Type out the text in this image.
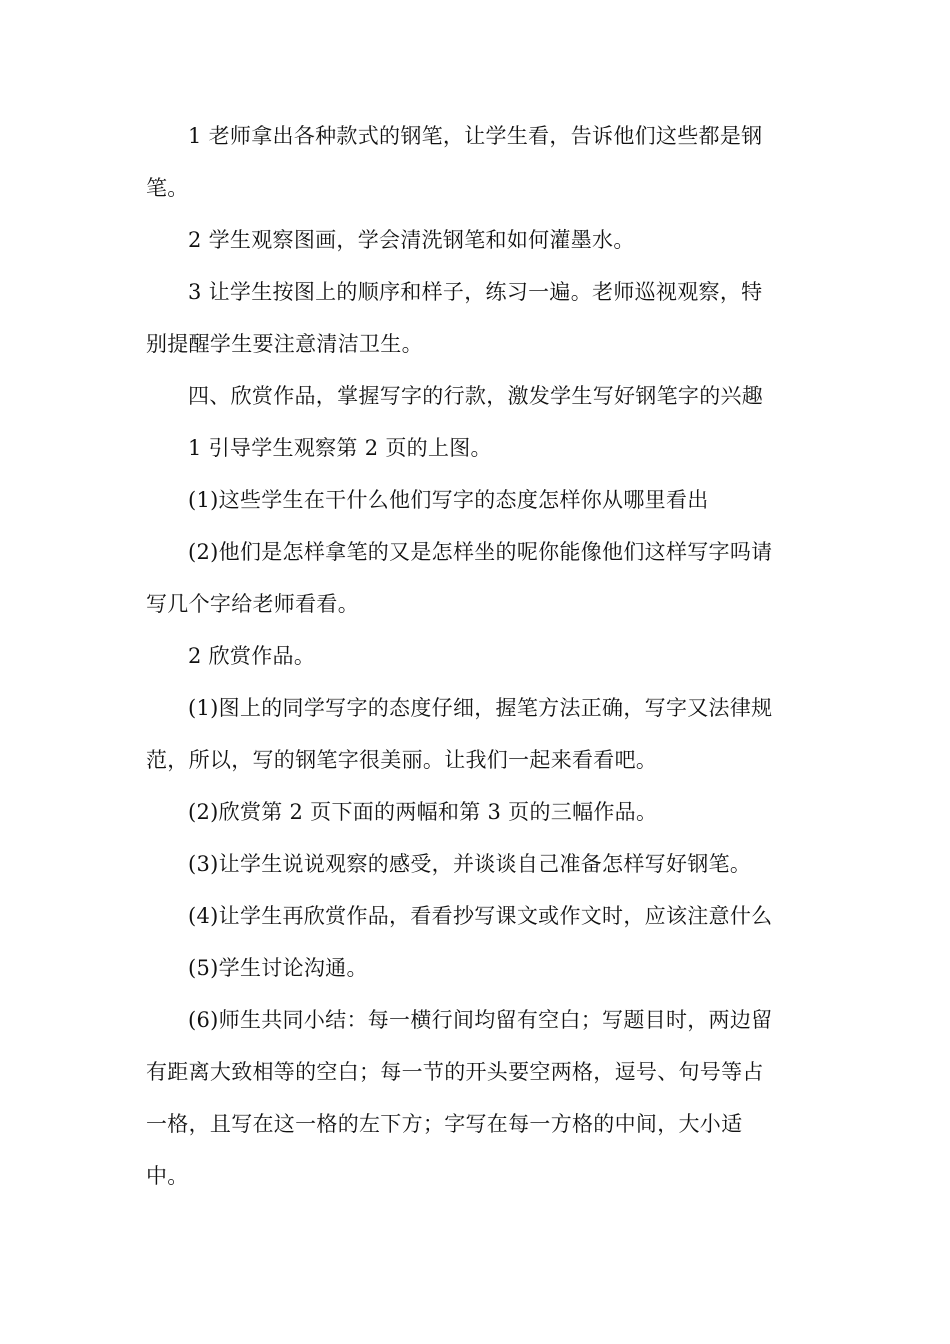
1 老师拿出各种款式的钢笔，让学生看，告诉他们这些都是钢
笔。

2 学生观察图画，学会清洗钢笔和如何灌墨水。

3 让学生按图上的顺序和样子，练习一遍。老师巡视观察，特
别提醒学生要注意清洁卫生。

四、欣赏作品，掌握写字的行款，激发学生写好钢笔字的兴趣

1 引导学生观察第 2 页的上图。

(1)这些学生在干什么他们写字的态度怎样你从哪里看出

(2)他们是怎样拿笔的又是怎样坐的呢你能像他们这样写字吗请
写几个字给老师看看。

2 欣赏作品。

(1)图上的同学写字的态度仔细，握笔方法正确，写字又法律规
范，所以，写的钢笔字很美丽。让我们一起来看看吧。

(2)欣赏第 2 页下面的两幅和第 3 页的三幅作品。

(3)让学生说说观察的感受，并谈谈自己准备怎样写好钢笔。

(4)让学生再欣赏作品，看看抄写课文或作文时，应该注意什么

(5)学生讨论沟通。

(6)师生共同小结：每一横行间均留有空白；写题目时，两边留
有距离大致相等的空白；每一节的开头要空两格，逗号、句号等占
一格，且写在这一格的左下方；字写在每一方格的中间，大小适
中。
